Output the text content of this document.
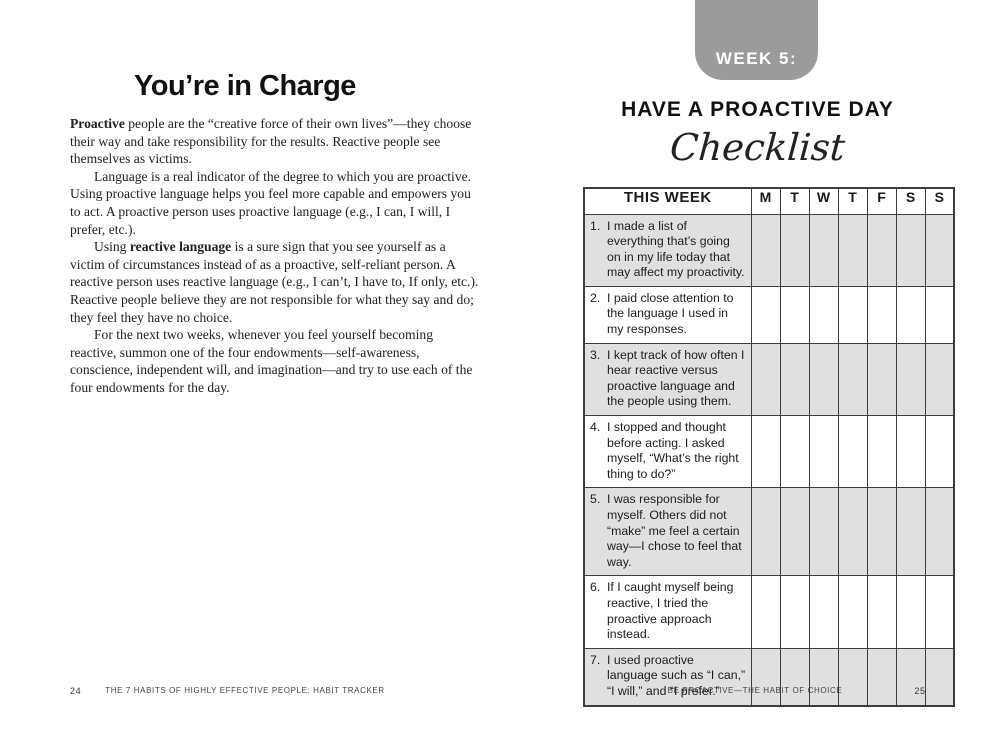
You’re in Charge

Proactive people are the “creative force of their own lives”—they choose their way and take responsibility for the results. Reactive people see themselves as victims.

Language is a real indicator of the degree to which you are proactive. Using proactive language helps you feel more capable and empowers you to act. A proactive person uses proactive language (e.g., I can, I will, I prefer, etc.).

Using reactive language is a sure sign that you see yourself as a victim of circumstances instead of as a proactive, self-reliant person. A reactive person uses reactive language (e.g., I can’t, I have to, If only, etc.). Reactive people believe they are not responsible for what they say and do; they feel they have no choice.

For the next two weeks, whenever you feel yourself becoming reactive, summon one of the four endowments—self-awareness, conscience, independent will, and imagination—and try to use each of the four endowments for the day.

24	THE 7 HABITS OF HIGHLY EFFECTIVE PEOPLE: HABIT TRACKER
WEEK 5:
HAVE A PROACTIVE DAY
Checklist
THIS WEEK	M	T	W	T	F	S	S

1. I made a list of everything that’s going on in my life today that may affect my proactivity.							

2. I paid close attention to the language I used in my responses.							

3. I kept track of how often I hear reactive versus proactive language and the people using them.							

4. I stopped and thought before acting. I asked myself, “What’s the right thing to do?”							

5. I was responsible for myself. Others did not “make” me feel a certain way—I chose to feel that way.							

6. If I caught myself being reactive, I tried the proactive approach instead.							

7. I used proactive language such as “I can,” “I will,” and “I prefer.”							

BE PROACTIVE—THE HABIT OF CHOICE	25
